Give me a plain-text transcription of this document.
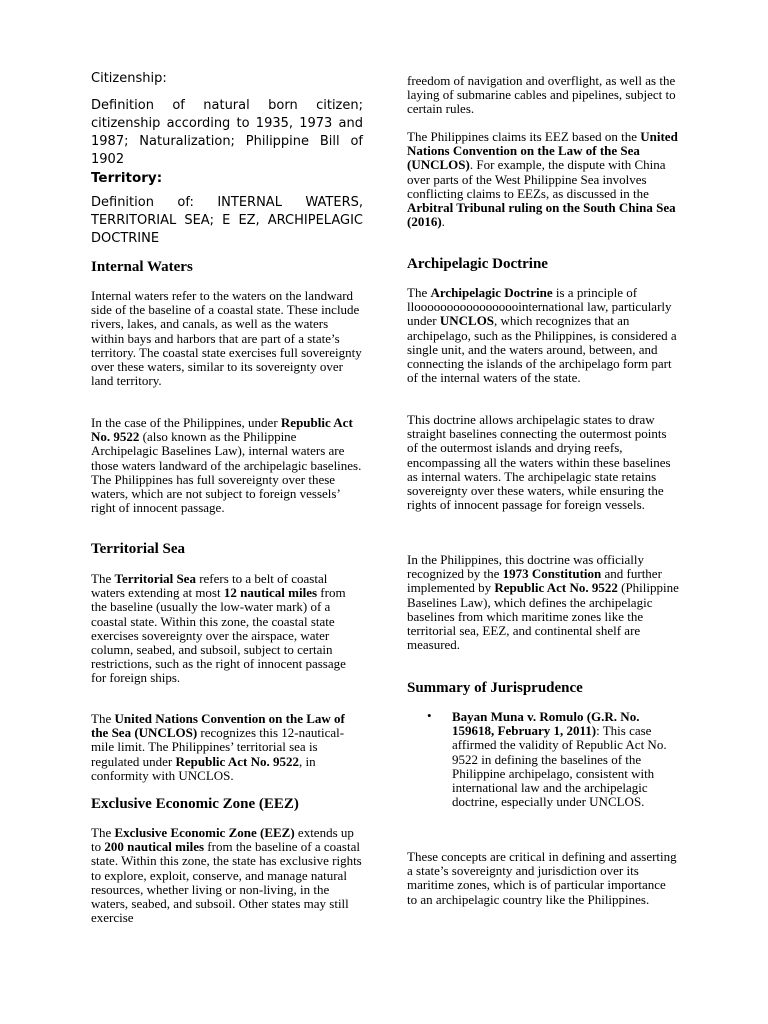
Citizenship:

Definition of natural born citizen; citizenship according to 1935, 1973 and 1987; Naturalization; Philippine Bill of 1902

Territory:

Definition of: INTERNAL WATERS, TERRITORIAL SEA; E EZ, ARCHIPELAGIC DOCTRINE

Internal Waters

Internal waters refer to the waters on the landward side of the baseline of a coastal state. These include rivers, lakes, and canals, as well as the waters within bays and harbors that are part of a state’s territory. The coastal state exercises full sovereignty over these waters, similar to its sovereignty over land territory.

In the case of the Philippines, under Republic Act No. 9522 (also known as the Philippine Archipelagic Baselines Law), internal waters are those waters landward of the archipelagic baselines. The Philippines has full sovereignty over these waters, which are not subject to foreign vessels’ right of innocent passage.

Territorial Sea

The Territorial Sea refers to a belt of coastal waters extending at most 12 nautical miles from the baseline (usually the low-water mark) of a coastal state. Within this zone, the coastal state exercises sovereignty over the airspace, water column, seabed, and subsoil, subject to certain restrictions, such as the right of innocent passage for foreign ships.

The United Nations Convention on the Law of the Sea (UNCLOS) recognizes this 12-nautical-mile limit. The Philippines’ territorial sea is regulated under Republic Act No. 9522, in conformity with UNCLOS.

Exclusive Economic Zone (EEZ)

The Exclusive Economic Zone (EEZ) extends up to 200 nautical miles from the baseline of a coastal state. Within this zone, the state has exclusive rights to explore, exploit, conserve, and manage natural resources, whether living or non-living, in the waters, seabed, and subsoil. Other states may still exercise

freedom of navigation and overflight, as well as the laying of submarine cables and pipelines, subject to certain rules.

The Philippines claims its EEZ based on the United Nations Convention on the Law of the Sea (UNCLOS). For example, the dispute with China over parts of the West Philippine Sea involves conflicting claims to EEZs, as discussed in the Arbitral Tribunal ruling on the South China Sea (2016).

Archipelagic Doctrine

The Archipelagic Doctrine is a principle of lloooooooooooooooointernational law, particularly under UNCLOS, which recognizes that an archipelago, such as the Philippines, is considered a single unit, and the waters around, between, and connecting the islands of the archipelago form part of the internal waters of the state.

This doctrine allows archipelagic states to draw straight baselines connecting the outermost points of the outermost islands and drying reefs, encompassing all the waters within these baselines as internal waters. The archipelagic state retains sovereignty over these waters, while ensuring the rights of innocent passage for foreign vessels.

In the Philippines, this doctrine was officially recognized by the 1973 Constitution and further implemented by Republic Act No. 9522 (Philippine Baselines Law), which defines the archipelagic baselines from which maritime zones like the territorial sea, EEZ, and continental shelf are measured.

Summary of Jurisprudence
• Bayan Muna v. Romulo (G.R. No. 159618, February 1, 2011): This case affirmed the validity of Republic Act No. 9522 in defining the baselines of the Philippine archipelago, consistent with international law and the archipelagic doctrine, especially under UNCLOS.

These concepts are critical in defining and asserting a state’s sovereignty and jurisdiction over its maritime zones, which is of particular importance to an archipelagic country like the Philippines.
